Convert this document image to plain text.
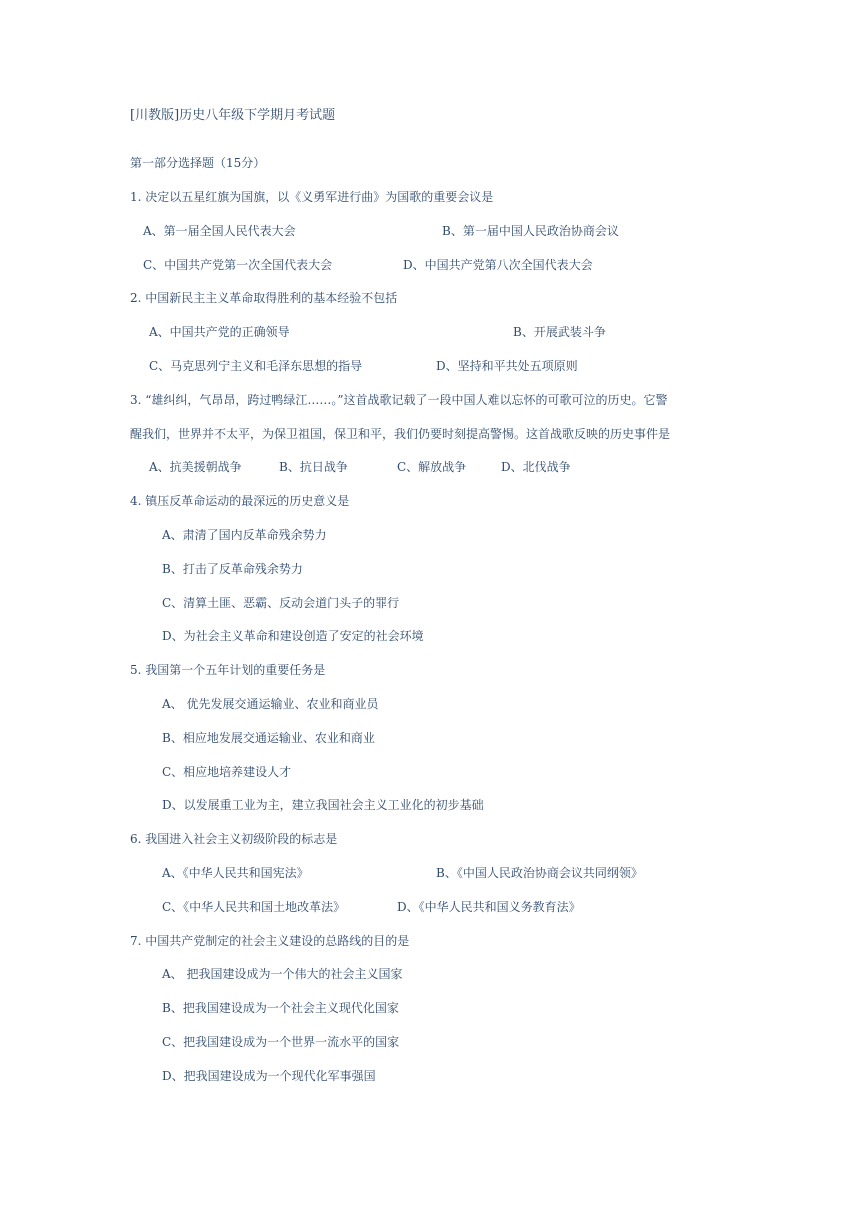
[川教版]历史八年级下学期月考试题
第一部分选择题（15分）
1. 决定以五星红旗为国旗，以《义勇军进行曲》为国歌的重要会议是
A、第一届全国人民代表大会	B、第一届中国人民政治协商会议
C、中国共产党第一次全国代表大会	D、中国共产党第八次全国代表大会
2. 中国新民主主义革命取得胜利的基本经验不包括
A、中国共产党的正确领导	B、开展武装斗争
C、马克思列宁主义和毛泽东思想的指导	D、坚持和平共处五项原则
3. “雄纠纠，气昂昂，跨过鸭绿江……。”这首战歌记载了一段中国人难以忘怀的可歌可泣的历史。它警
醒我们，世界并不太平，为保卫祖国，保卫和平，我们仍要时刻提高警惕。这首战歌反映的历史事件是
A、抗美援朝战争	B、抗日战争	C、解放战争	D、北伐战争
4. 镇压反革命运动的最深远的历史意义是
A、肃清了国内反革命残余势力
B、打击了反革命残余势力
C、清算土匪、恶霸、反动会道门头子的罪行
D、为社会主义革命和建设创造了安定的社会环境
5. 我国第一个五年计划的重要任务是
A、 优先发展交通运输业、农业和商业员
B、相应地发展交通运输业、农业和商业
C、相应地培养建设人才
D、以发展重工业为主，建立我国社会主义工业化的初步基础
6. 我国进入社会主义初级阶段的标志是
A、《中华人民共和国宪法》	B、《中国人民政治协商会议共同纲领》
C、《中华人民共和国土地改革法》	D、《中华人民共和国义务教育法》
7. 中国共产党制定的社会主义建设的总路线的目的是
A、 把我国建设成为一个伟大的社会主义国家
B、把我国建设成为一个社会主义现代化国家
C、把我国建设成为一个世界一流水平的国家
D、把我国建设成为一个现代化军事强国
